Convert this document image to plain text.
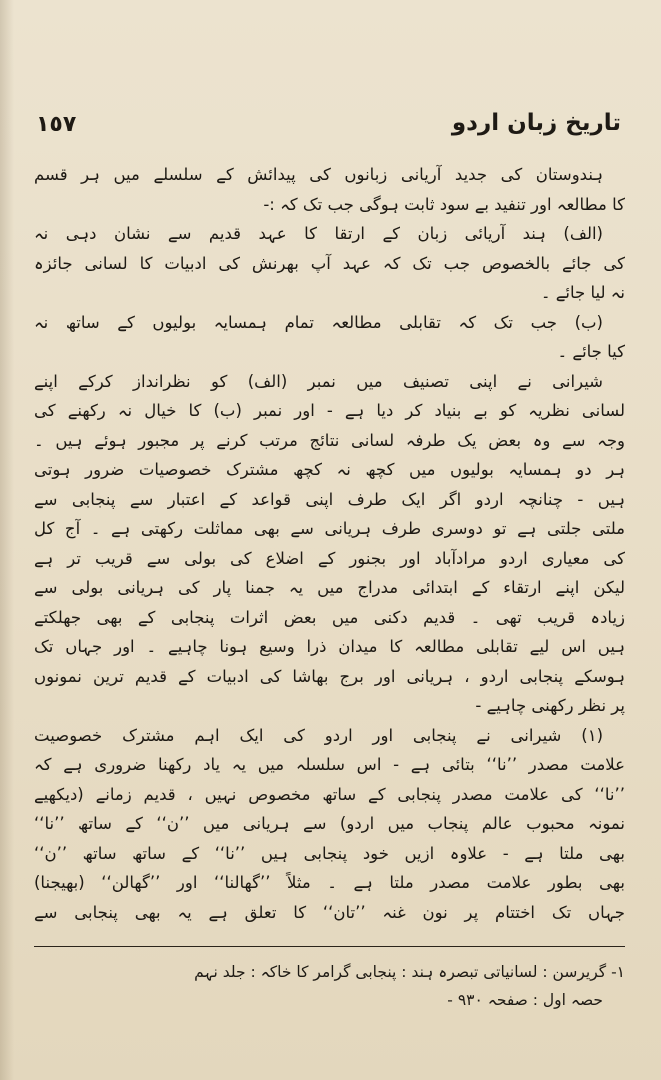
١٥٧	تاریخ زبان اردو
ہندوستان کی جدید آریانی زبانوں کی پیدائش کے سلسلے میں ہر قسم
کا مطالعہ اور تنفید بے سود ثابت ہوگی جب تک کہ :-
(الف) ہند آریائی زبان کے ارتقا کا عہد قدیم سے نشان دہی نہ
کی جائے بالخصوص جب تک کہ عہد آپ بھرنش کی ادبیات کا لسانی جائزہ
نہ لیا جائے ۔
(ب) جب تک کہ تقابلی مطالعہ تمام ہمسایہ بولیوں کے ساتھ نہ
کیا جائے ۔
شیرانی نے اپنی تصنیف میں نمبر (الف) کو نظرانداز کرکے اپنے
لسانی نظریہ کو بے بنیاد کر دیا ہے - اور نمبر (ب) کا خیال نہ رکھنے کی
وجہ سے وہ بعض یک طرفہ لسانی نتائج مرتب کرنے پر مجبور ہوئے ہیں ۔
ہر دو ہمسایہ بولیوں میں کچھ نہ کچھ مشترک خصوصیات ضرور ہوتی
ہیں - چنانچہ اردو اگر ایک طرف اپنی قواعد کے اعتبار سے پنجابی سے
ملتی جلتی ہے تو دوسری طرف ہریانی سے بھی مماثلت رکھتی ہے ۔ آج کل
کی معیاری اردو مرادآباد اور بجنور کے اضلاع کی بولی سے قریب تر ہے
لیکن اپنے ارتقاء کے ابتدائی مدراج میں یہ جمنا پار کی ہریانی بولی سے
زیادہ قریب تھی ۔ قدیم دکنی میں بعض اثرات پنجابی کے بھی جھلکتے
ہیں اس لیے تقابلی مطالعہ کا میدان ذرا وسیع ہونا چاہیے ۔ اور جہاں تک
ہوسکے پنجابی اردو ، ہریانی اور برج بھاشا کی ادبیات کے قدیم ترین نمونوں
پر نظر رکھنی چاہیے -
(۱) شیرانی نے پنجابی اور اردو کی ایک اہم مشترک خصوصیت
علامت مصدر ’’نا‘‘ بتائی ہے - اس سلسلہ میں یہ یاد رکھنا ضروری ہے کہ
’’نا‘‘ کی علامت مصدر پنجابی کے ساتھ مخصوص نہیں ، قدیم زمانے (دیکھیے
نمونہ محبوب عالم پنجاب میں اردو) سے ہریانی میں ’’ن‘‘ کے ساتھ ’’نا‘‘
بھی ملتا ہے - علاوہ ازیں خود پنجابی ہیں ’’نا‘‘ کے ساتھ ساتھ ’’ن‘‘
بھی بطور علامت مصدر ملتا ہے ۔ مثلاً ’’گھالنا‘‘ اور ’’گھالن‘‘ (بھیجنا)
جہاں تک اختتام پر نون غنہ ’’تان‘‘ کا تعلق ہے یہ بھی پنجابی سے
۱- گریرسن : لسانیاتی تبصرہ ہند : پنجابی گرامر کا خاکہ : جلد نہم
حصہ اول : صفحہ ۹۳۰ -
